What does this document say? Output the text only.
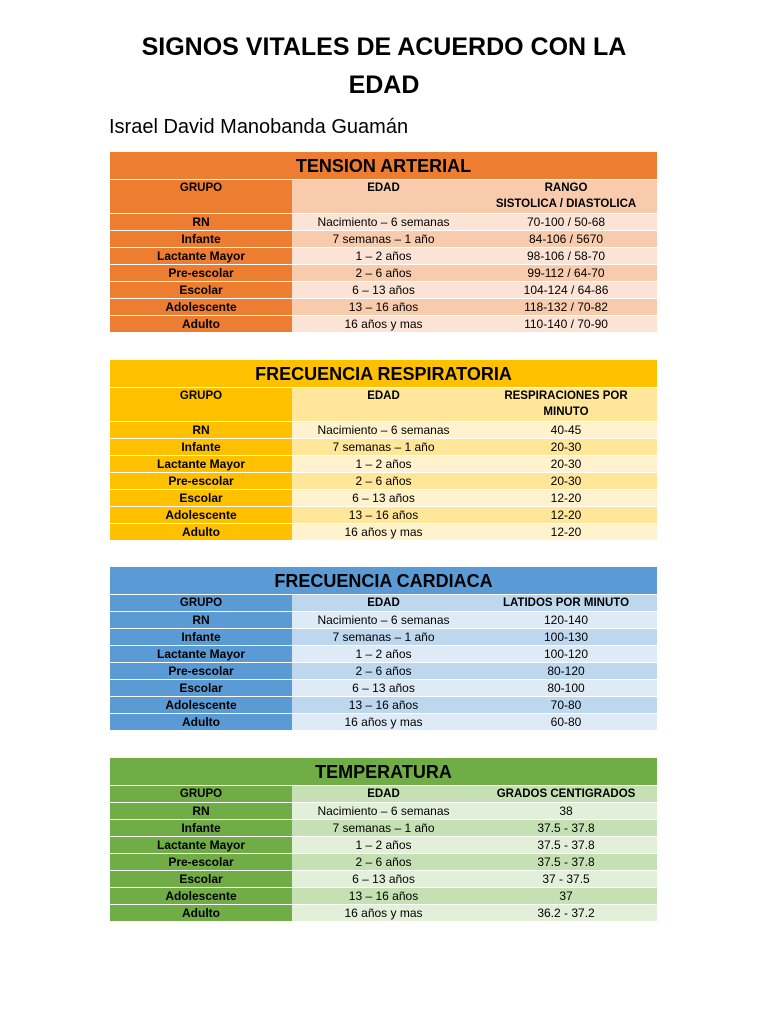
SIGNOS VITALES DE ACUERDO CON LA
EDAD
Israel David Manobanda Guamán
TENSION ARTERIAL		
GRUPO	EDAD	RANGO
SISTOLICA / DIASTOLICA

RN	Nacimiento – 6 semanas	70-100 / 50-68
Infante	7 semanas – 1 año	84-106 / 5670
Lactante Mayor	1 – 2 años	98-106 / 58-70
Pre-escolar	2 – 6 años	99-112 / 64-70
Escolar	6 – 13 años	104-124 / 64-86
Adolescente	13 – 16 años	118-132 / 70-82
Adulto	16 años y mas	110-140 / 70-90
FRECUENCIA RESPIRATORIA		
GRUPO	EDAD	RESPIRACIONES POR
MINUTO

RN	Nacimiento – 6 semanas	40-45
Infante	7 semanas – 1 año	20-30
Lactante Mayor	1 – 2 años	20-30
Pre-escolar	2 – 6 años	20-30
Escolar	6 – 13 años	12-20
Adolescente	13 – 16 años	12-20
Adulto	16 años y mas	12-20
FRECUENCIA CARDIACA		
GRUPO	EDAD	LATIDOS POR MINUTO
RN	Nacimiento – 6 semanas	120-140
Infante	7 semanas – 1 año	100-130
Lactante Mayor	1 – 2 años	100-120
Pre-escolar	2 – 6 años	80-120
Escolar	6 – 13 años	80-100
Adolescente	13 – 16 años	70-80
Adulto	16 años y mas	60-80
TEMPERATURA		
GRUPO	EDAD	GRADOS CENTIGRADOS
RN	Nacimiento – 6 semanas	38
Infante	7 semanas – 1 año	37.5 - 37.8
Lactante Mayor	1 – 2 años	37.5 - 37.8
Pre-escolar	2 – 6 años	37.5 - 37.8
Escolar	6 – 13 años	37 - 37.5
Adolescente	13 – 16 años	37
Adulto	16 años y mas	36.2 - 37.2
